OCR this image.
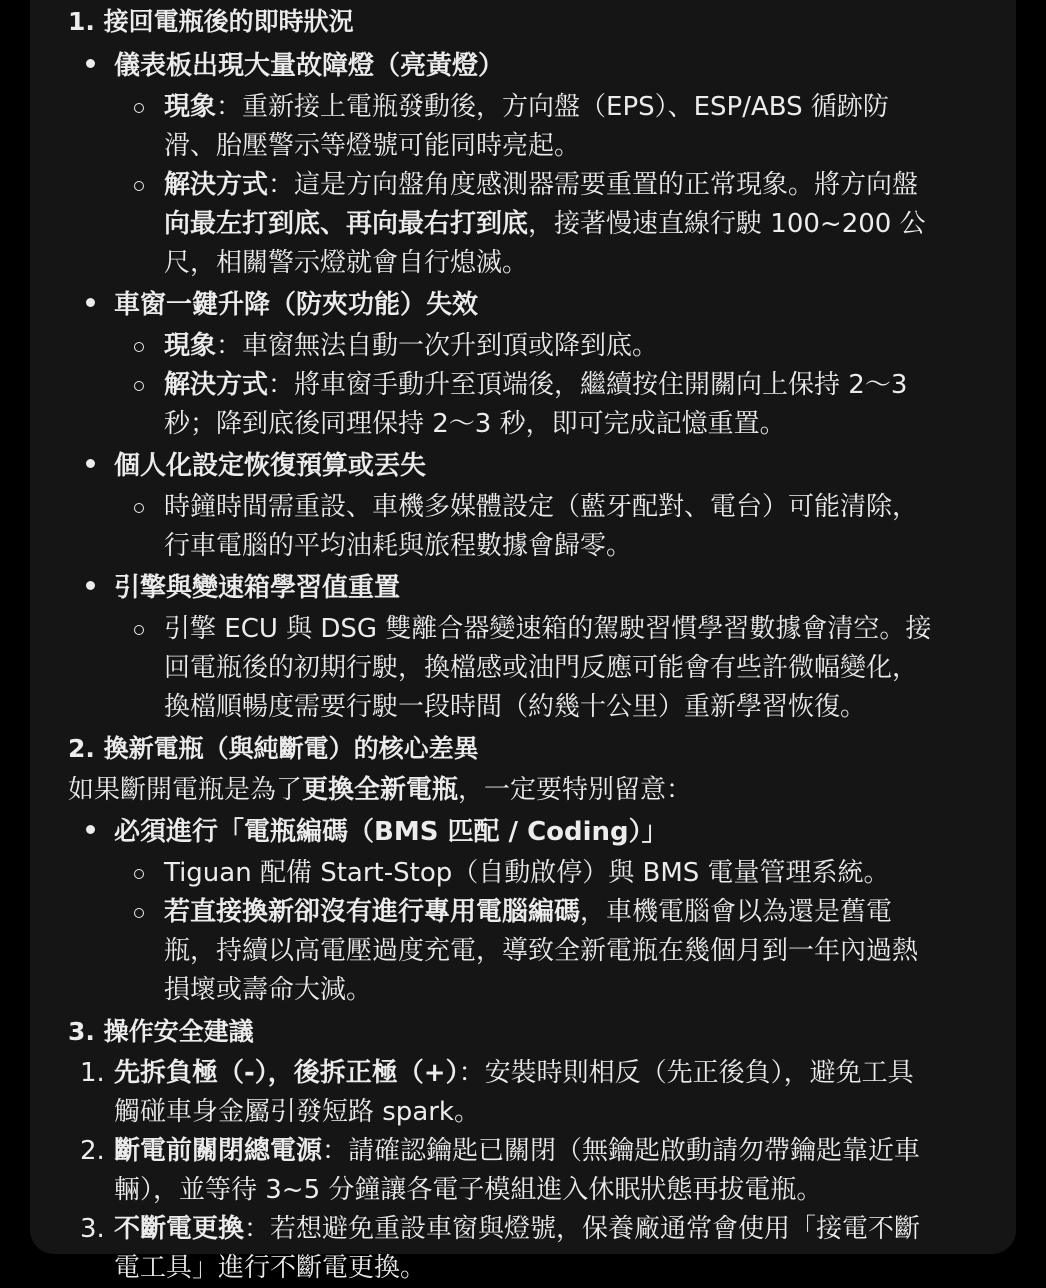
1. 接回電瓶後的即時狀況
儀表板出現大量故障燈（亮黃燈）
現象：重新接上電瓶發動後，方向盤（EPS）、ESP/ABS 循跡防
滑、胎壓警示等燈號可能同時亮起。
解決方式：這是方向盤角度感測器需要重置的正常現象。將方向盤
向最左打到底、再向最右打到底，接著慢速直線行駛 100~200 公
尺，相關警示燈就會自行熄滅。
車窗一鍵升降（防夾功能）失效
現象：車窗無法自動一次升到頂或降到底。
解決方式：將車窗手動升至頂端後，繼續按住開關向上保持 2～3
秒；降到底後同理保持 2～3 秒，即可完成記憶重置。
個人化設定恢復預算或丟失
時鐘時間需重設、車機多媒體設定（藍牙配對、電台）可能清除，
行車電腦的平均油耗與旅程數據會歸零。
引擎與變速箱學習值重置
引擎 ECU 與 DSG 雙離合器變速箱的駕駛習慣學習數據會清空。接
回電瓶後的初期行駛，換檔感或油門反應可能會有些許微幅變化，
換檔順暢度需要行駛一段時間（約幾十公里）重新學習恢復。
2. 換新電瓶（與純斷電）的核心差異
如果斷開電瓶是為了更換全新電瓶，一定要特別留意：
必須進行「電瓶編碼（BMS 匹配 / Coding）」
Tiguan 配備 Start-Stop（自動啟停）與 BMS 電量管理系統。
若直接換新卻沒有進行專用電腦編碼，車機電腦會以為還是舊電
瓶，持續以高電壓過度充電，導致全新電瓶在幾個月到一年內過熱
損壞或壽命大減。
3. 操作安全建議
1. 先拆負極（-），後拆正極（+）：安裝時則相反（先正後負），避免工具
觸碰車身金屬引發短路 spark。
2. 斷電前關閉總電源：請確認鑰匙已關閉（無鑰匙啟動請勿帶鑰匙靠近車
輛），並等待 3~5 分鐘讓各電子模組進入休眠狀態再拔電瓶。
3. 不斷電更換：若想避免重設車窗與燈號，保養廠通常會使用「接電不斷
電工具」進行不斷電更換。
